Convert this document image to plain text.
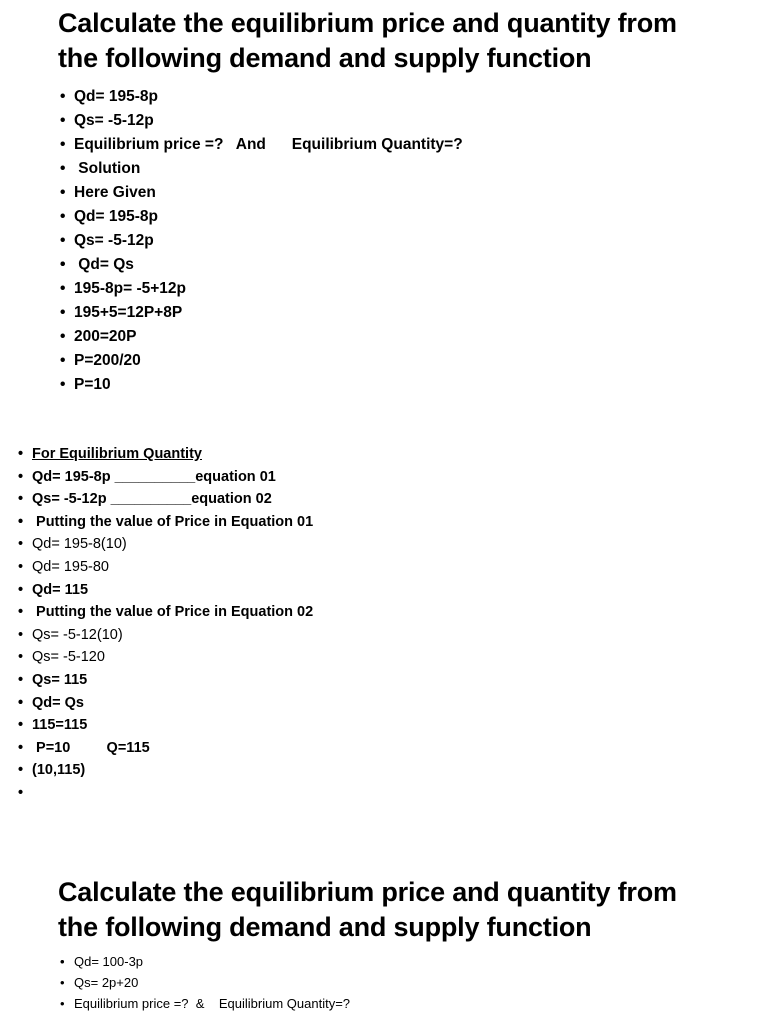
Calculate the equilibrium price and quantity from
the following demand and supply function
• Qd= 195-8p
• Qs= -5-12p
• Equilibrium price =?   And      Equilibrium Quantity=?
•  Solution
• Here Given
• Qd= 195-8p
• Qs= -5-12p
•  Qd= Qs
• 195-8p= -5+12p
• 195+5=12P+8P
• 200=20P
• P=200/20
• P=10
• For Equilibrium Quantity
• Qd= 195-8p __________equation 01
• Qs= -5-12p __________equation 02
•  Putting the value of Price in Equation 01
• Qd= 195-8(10)
• Qd= 195-80
• Qd= 115
•  Putting the value of Price in Equation 02
• Qs= -5-12(10)
• Qs= -5-120
• Qs= 115
• Qd= Qs
• 115=115
•  P=10         Q=115
• (10,115)
Calculate the equilibrium price and quantity from
the following demand and supply function
• Qd= 100-3p
• Qs= 2p+20
• Equilibrium price =?  &    Equilibrium Quantity=?
